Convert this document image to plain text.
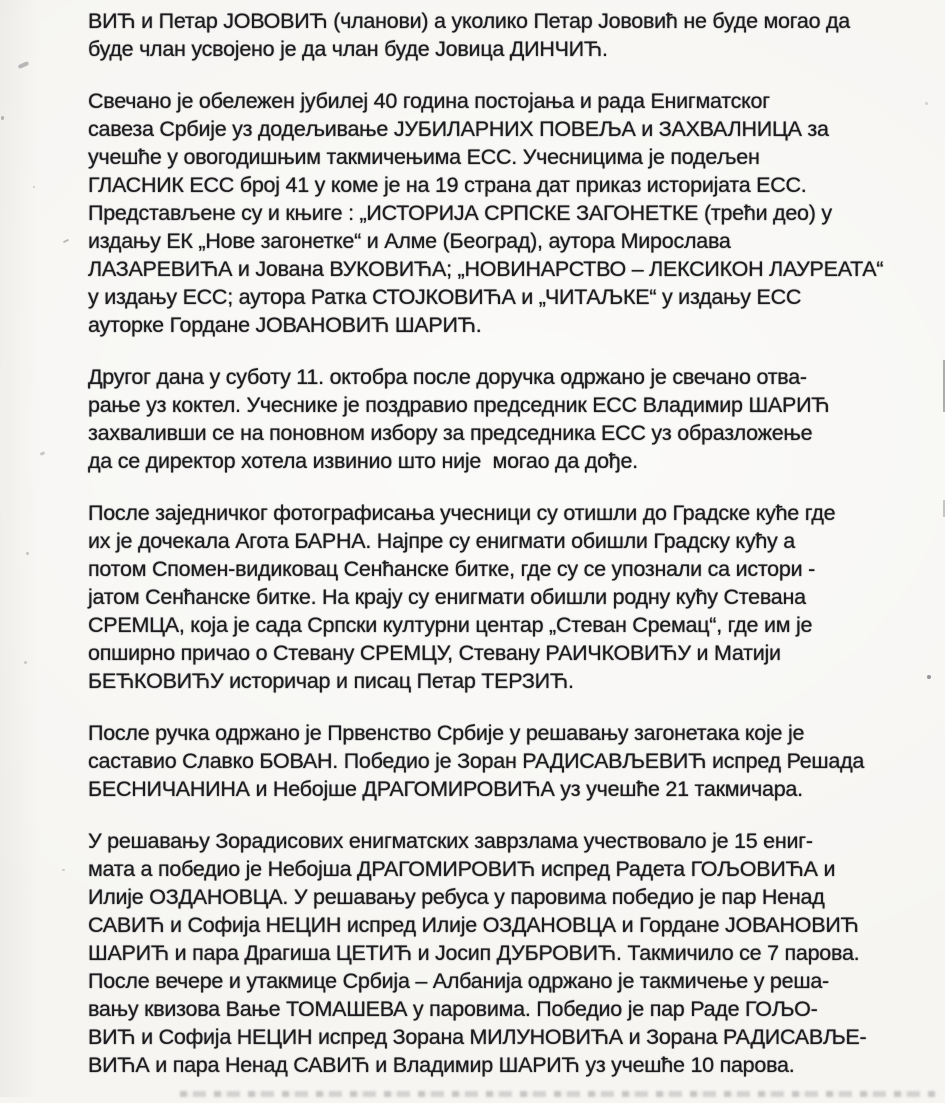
ВИЋ и Петар ЈОВОВИЋ (чланови) а уколико Петар Јововић не буде могао да
буде члан усвојено је да члан буде Јовица ДИНЧИЋ.

Свечано је обележен јубилеј 40 година постојања и рада Енигматског
савеза Србије уз додељивање ЈУБИЛАРНИХ ПОВЕЉА и ЗАХВАЛНИЦА за
учешће у овогодишњим такмичењима ЕСС. Учесницима је подељен
ГЛАСНИК ЕСС број 41 у коме је на 19 страна дат приказ историјата ЕСС.
Представљене су и књиге : „ИСТОРИЈА СРПСКЕ ЗАГОНЕТКЕ (трећи део) у
издању ЕК „Нове загонетке“ и Алме (Београд), аутора Мирослава
ЛАЗАРЕВИЋА и Јована ВУКОВИЋА; „НОВИНАРСТВО – ЛЕКСИКОН ЛАУРЕАТА“
у издању ЕСС; аутора Ратка СТОЈКОВИЋА и „ЧИТАЉКЕ“ у издању ЕСС
ауторке Гордане ЈОВАНОВИЋ ШАРИЋ.

Другог дана у суботу 11. октобра после доручка одржано је свечано отва-
рање уз коктел. Учеснике је поздравио председник ЕСС Владимир ШАРИЋ
захваливши се на поновном избору за председника ЕСС уз образложење
да се директор хотела извинио што није  могао да дође.

После заједничког фотографисања учесници су отишли до Градске куће где
их је дочекала Агота БАРНА. Најпре су енигмати обишли Градску кућу а
потом Спомен-видиковац Сенћанске битке, где су се упознали са истори -
јатом Сенћанске битке. На крају су енигмати обишли родну кућу Стевана
СРЕМЦА, која је сада Српски културни центар „Стеван Сремац“, где им је
опширно причао о Стевану СРЕМЦУ, Стевану РАИЧКОВИЋУ и Матији
БЕЋКОВИЋУ историчар и писац Петар ТЕРЗИЋ.

После ручка одржано је Првенство Србије у решавању загонетака које је
саставио Славко БОВАН. Победио је Зоран РАДИСАВЉЕВИЋ испред Решада
БЕСНИЧАНИНА и Небојше ДРАГОМИРОВИЋА уз учешће 21 такмичара.

У решавању Зорадисових енигматских заврзлама учествовало је 15 ениг-
мата а победио је Небојша ДРАГОМИРОВИЋ испред Радета ГОЉОВИЋА и
Илије ОЗДАНОВЦА. У решавању ребуса у паровима победио је пар Ненад
САВИЋ и Софија НЕЦИН испред Илије ОЗДАНОВЦА и Гордане ЈОВАНОВИЋ
ШАРИЋ и пара Драгиша ЦЕТИЋ и Јосип ДУБРОВИЋ. Такмичило се 7 парова.
После вечере и утакмице Србија – Албанија одржано је такмичење у реша-
вању квизова Вање ТОМАШЕВА у паровима. Победио је пар Раде ГОЉО-
ВИЋ и Софија НЕЦИН испред Зорана МИЛУНОВИЋА и Зорана РАДИСАВЉЕ-
ВИЋА и пара Ненад САВИЋ и Владимир ШАРИЋ уз учешће 10 парова.
